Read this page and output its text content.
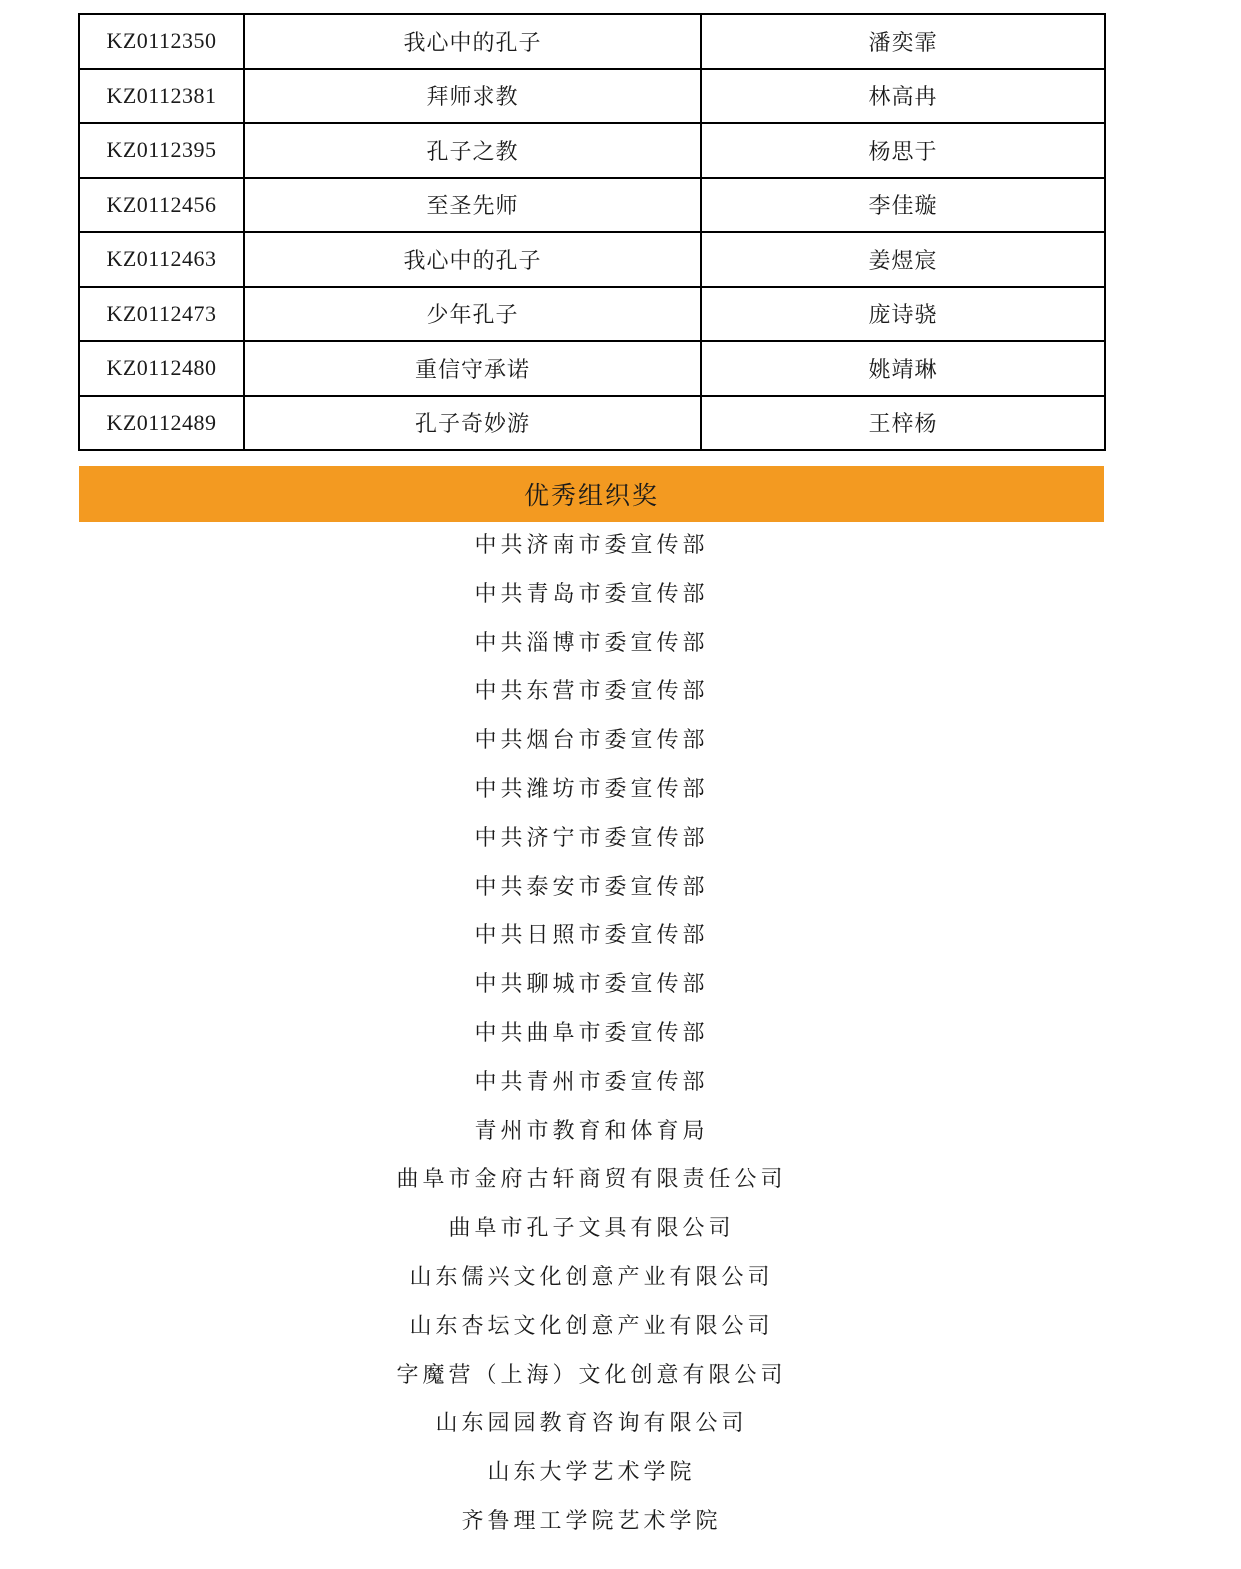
KZ0112350	我心中的孔子	潘奕霏
KZ0112381	拜师求教	林高冉
KZ0112395	孔子之教	杨思于
KZ0112456	至圣先师	李佳璇
KZ0112463	我心中的孔子	姜煜宸
KZ0112473	少年孔子	庞诗骁
KZ0112480	重信守承诺	姚靖琳
KZ0112489	孔子奇妙游	王梓杨
优秀组织奖
中共济南市委宣传部
中共青岛市委宣传部
中共淄博市委宣传部
中共东营市委宣传部
中共烟台市委宣传部
中共潍坊市委宣传部
中共济宁市委宣传部
中共泰安市委宣传部
中共日照市委宣传部
中共聊城市委宣传部
中共曲阜市委宣传部
中共青州市委宣传部
青州市教育和体育局
曲阜市金府古轩商贸有限责任公司
曲阜市孔子文具有限公司
山东儒兴文化创意产业有限公司
山东杏坛文化创意产业有限公司
字魔营（上海）文化创意有限公司
山东园园教育咨询有限公司
山东大学艺术学院
齐鲁理工学院艺术学院
